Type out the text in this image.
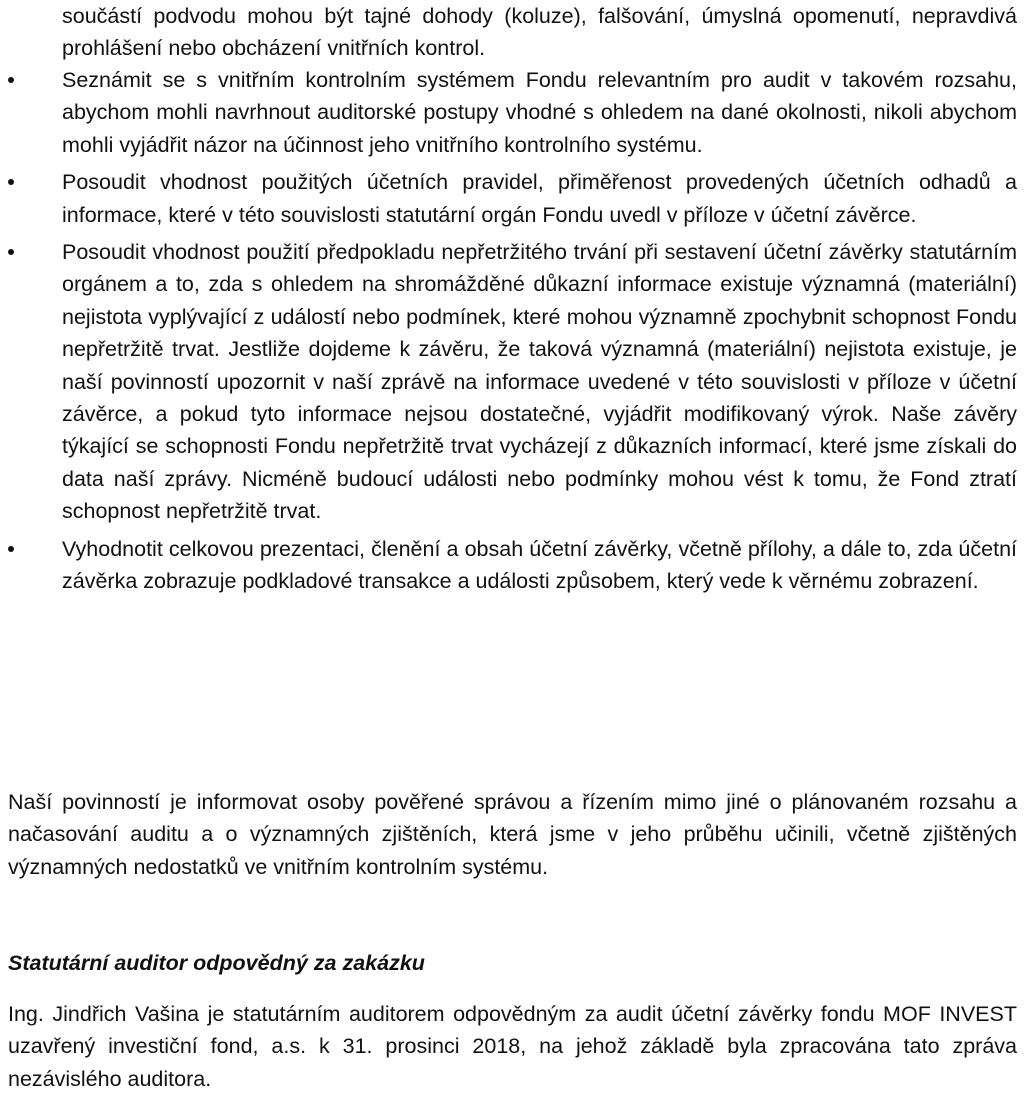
součástí podvodu mohou být tajné dohody (koluze), falšování, úmyslná opomenutí, nepravdivá prohlášení nebo obcházení vnitřních kontrol.

Seznámit se s vnitřním kontrolním systémem Fondu relevantním pro audit v takovém rozsahu, abychom mohli navrhnout auditorské postupy vhodné s ohledem na dané okolnosti, nikoli abychom mohli vyjádřit názor na účinnost jeho vnitřního kontrolního systému.

Posoudit vhodnost použitých účetních pravidel, přiměřenost provedených účetních odhadů a informace, které v této souvislosti statutární orgán Fondu uvedl v příloze v účetní závěrce.

Posoudit vhodnost použití předpokladu nepřetržitého trvání při sestavení účetní závěrky statutárním orgánem a to, zda s ohledem na shromážděné důkazní informace existuje významná (materiální) nejistota vyplývající z událostí nebo podmínek, které mohou významně zpochybnit schopnost Fondu nepřetržitě trvat. Jestliže dojdeme k závěru, že taková významná (materiální) nejistota existuje, je naší povinností upozornit v naší zprávě na informace uvedené v této souvislosti v příloze v účetní závěrce, a pokud tyto informace nejsou dostatečné, vyjádřit modifikovaný výrok. Naše závěry týkající se schopnosti Fondu nepřetržitě trvat vycházejí z důkazních informací, které jsme získali do data naší zprávy. Nicméně budoucí události nebo podmínky mohou vést k tomu, že Fond ztratí schopnost nepřetržitě trvat.

Vyhodnotit celkovou prezentaci, členění a obsah účetní závěrky, včetně přílohy, a dále to, zda účetní závěrka zobrazuje podkladové transakce a události způsobem, který vede k věrnému zobrazení.

Naší povinností je informovat osoby pověřené správou a řízením mimo jiné o plánovaném rozsahu a načasování auditu a o významných zjištěních, která jsme v jeho průběhu učinili, včetně zjištěných významných nedostatků ve vnitřním kontrolním systému.

Statutární auditor odpovědný za zakázku

Ing. Jindřich Vašina je statutárním auditorem odpovědným za audit účetní závěrky fondu MOF INVEST uzavřený investiční fond, a.s. k 31. prosinci 2018, na jehož základě byla zpracována tato zpráva nezávislého auditora.
